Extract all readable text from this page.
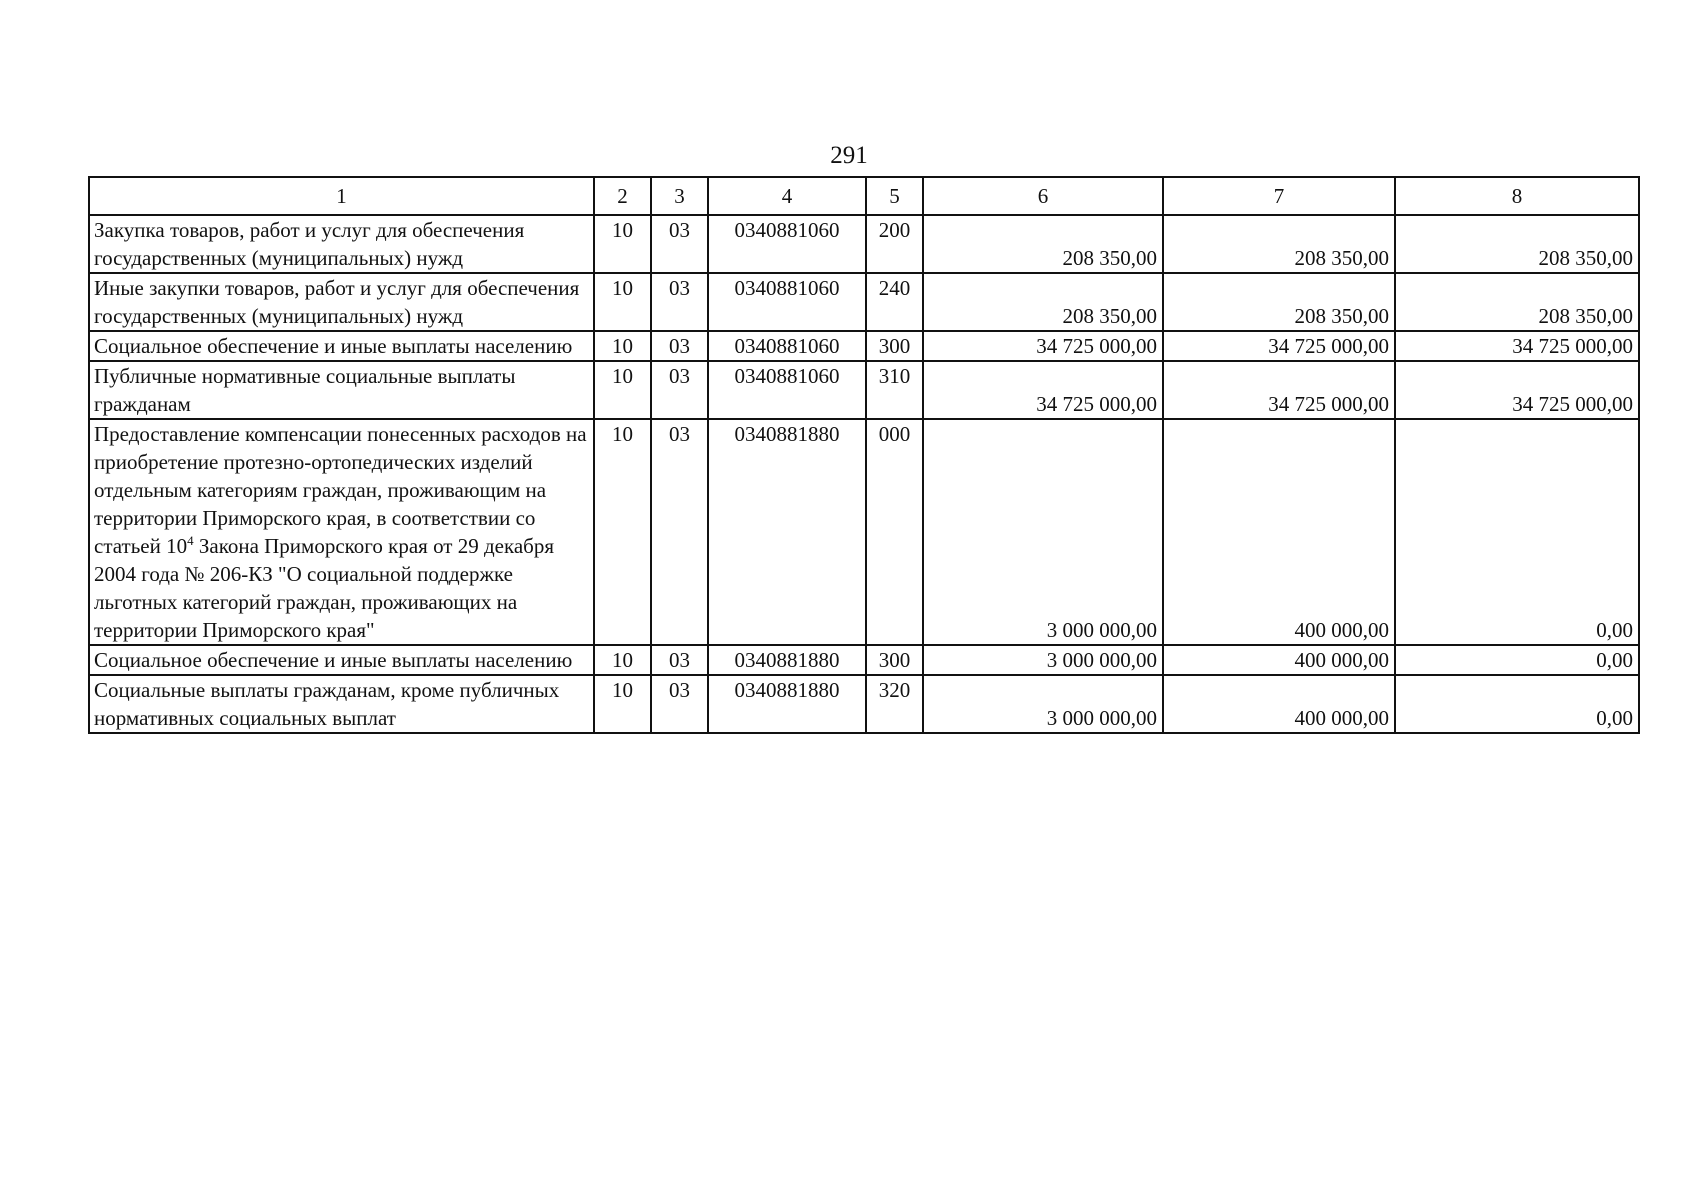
291
1	2	3	4	5	6	7	8
Закупка товаров, работ и услуг для обеспечения государственных (муниципальных) нужд	10	03	0340881060	200	208 350,00	208 350,00	208 350,00
Иные закупки товаров, работ и услуг для обеспечения государственных (муниципальных) нужд	10	03	0340881060	240	208 350,00	208 350,00	208 350,00
Социальное обеспечение и иные выплаты населению	10	03	0340881060	300	34 725 000,00	34 725 000,00	34 725 000,00
Публичные нормативные социальные выплаты гражданам	10	03	0340881060	310	34 725 000,00	34 725 000,00	34 725 000,00
Предоставление компенсации понесенных расходов на приобретение протезно-ортопедических изделий отдельным категориям граждан, проживающим на территории Приморского края, в соответствии со статьей $10^4$ Закона Приморского края от 29 декабря 2004 года № 206-КЗ "О социальной поддержке льготных категорий граждан, проживающих на территории Приморского края"	10	03	0340881880	000	3 000 000,00	400 000,00	0,00
Социальное обеспечение и иные выплаты населению	10	03	0340881880	300	3 000 000,00	400 000,00	0,00
Социальные выплаты гражданам, кроме публичных нормативных социальных выплат	10	03	0340881880	320	3 000 000,00	400 000,00	0,00
